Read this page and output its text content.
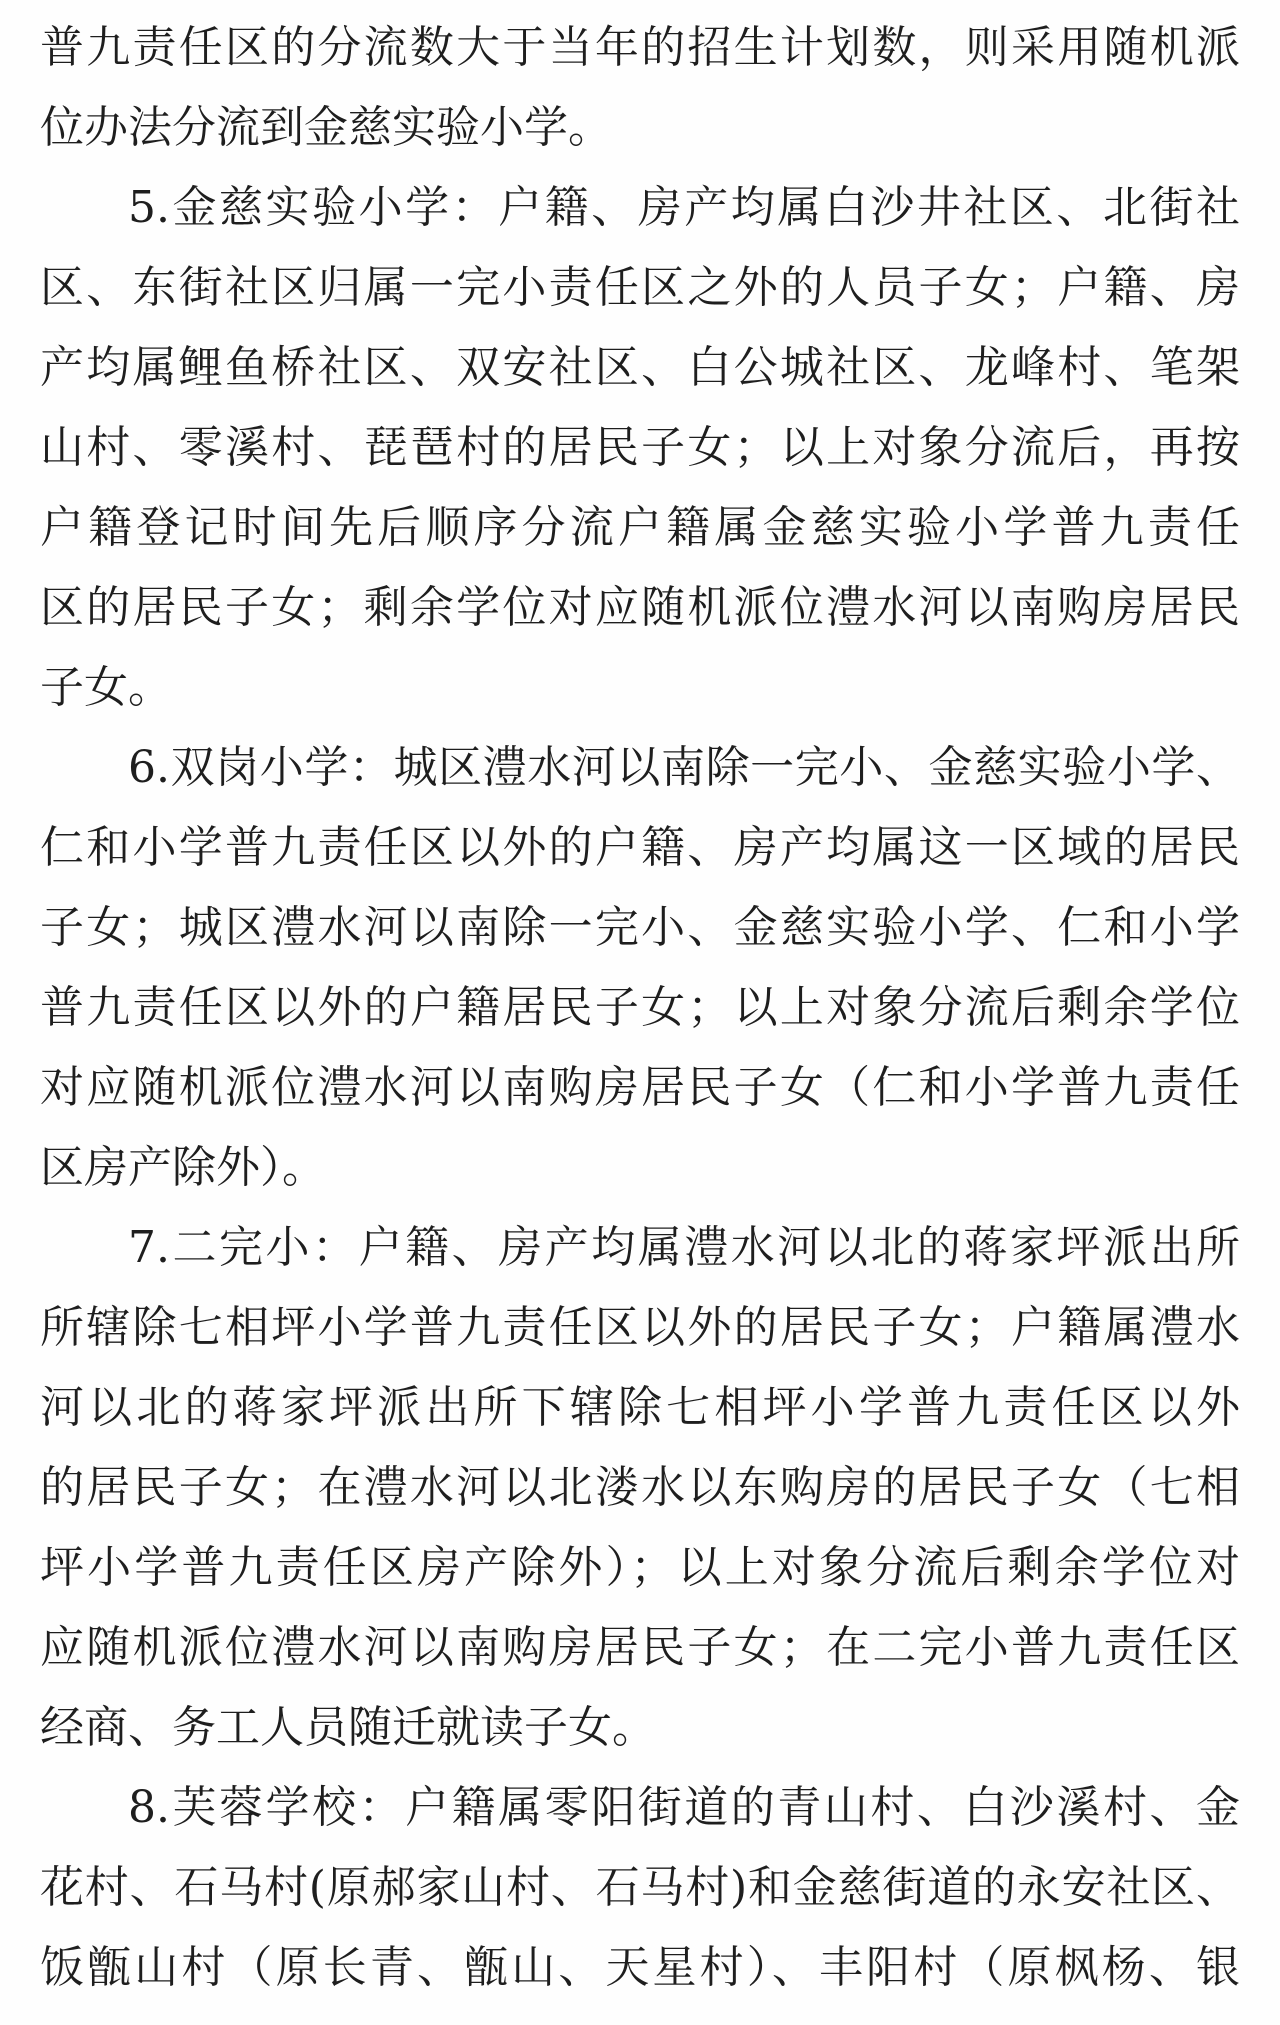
普九责任区的分流数大于当年的招生计划数，则采用随机派
位办法分流到金慈实验小学。
5.金慈实验小学：户籍、房产均属白沙井社区、北街社
区、东街社区归属一完小责任区之外的人员子女；户籍、房
产均属鲤鱼桥社区、双安社区、白公城社区、龙峰村、笔架
山村、零溪村、琵琶村的居民子女；以上对象分流后，再按
户籍登记时间先后顺序分流户籍属金慈实验小学普九责任
区的居民子女；剩余学位对应随机派位澧水河以南购房居民
子女。
6.双岗小学：城区澧水河以南除一完小、金慈实验小学、
仁和小学普九责任区以外的户籍、房产均属这一区域的居民
子女；城区澧水河以南除一完小、金慈实验小学、仁和小学
普九责任区以外的户籍居民子女；以上对象分流后剩余学位
对应随机派位澧水河以南购房居民子女（仁和小学普九责任
区房产除外）。
7.二完小：户籍、房产均属澧水河以北的蒋家坪派出所
所辖除七相坪小学普九责任区以外的居民子女；户籍属澧水
河以北的蒋家坪派出所下辖除七相坪小学普九责任区以外
的居民子女；在澧水河以北溇水以东购房的居民子女（七相
坪小学普九责任区房产除外）；以上对象分流后剩余学位对
应随机派位澧水河以南购房居民子女；在二完小普九责任区
经商、务工人员随迁就读子女。
8.芙蓉学校：户籍属零阳街道的青山村、白沙溪村、金
花村、石马村(原郝家山村、石马村)和金慈街道的永安社区、
饭甑山村（原长青、甑山、天星村）、丰阳村（原枫杨、银
